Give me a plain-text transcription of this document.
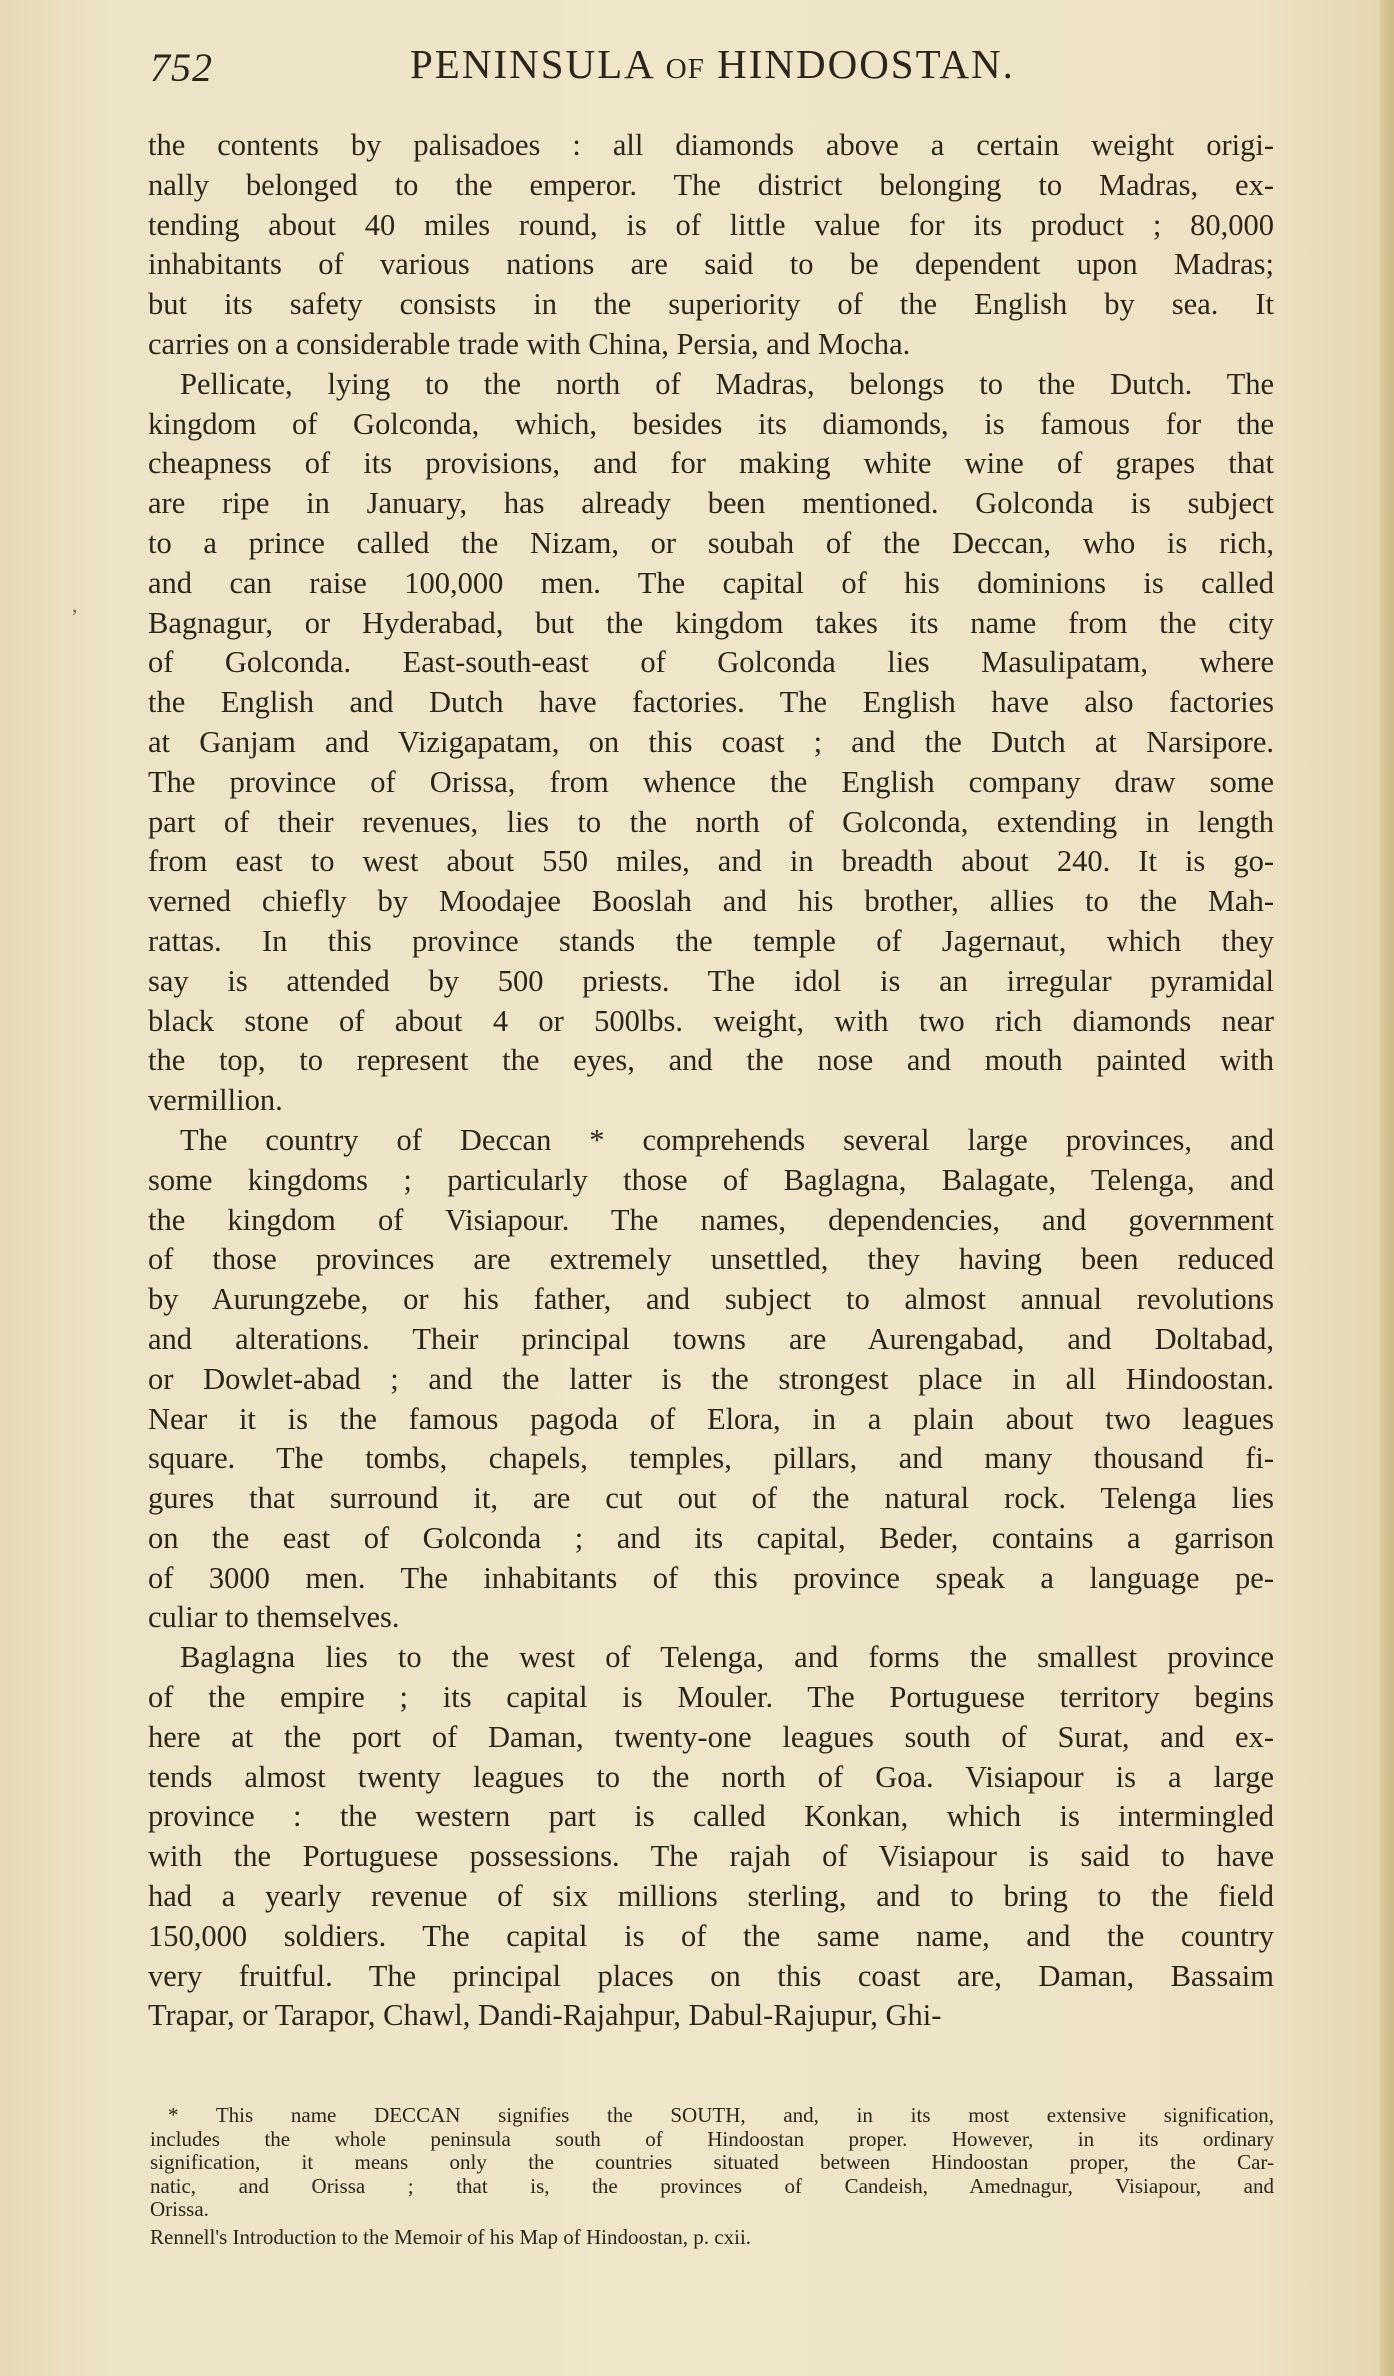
752	PENINSULA OF HINDOOSTAN.
the contents by palisadoes : all diamonds above a certain weight origi-
nally belonged to the emperor. The district belonging to Madras, ex-
tending about 40 miles round, is of little value for its product ; 80,000
inhabitants of various nations are said to be dependent upon Madras;
but its safety consists in the superiority of the English by sea. It
carries on a considerable trade with China, Persia, and Mocha.
Pellicate, lying to the north of Madras, belongs to the Dutch. The
kingdom of Golconda, which, besides its diamonds, is famous for the
cheapness of its provisions, and for making white wine of grapes that
are ripe in January, has already been mentioned. Golconda is subject
to a prince called the Nizam, or soubah of the Deccan, who is rich,
and can raise 100,000 men. The capital of his dominions is called
Bagnagur, or Hyderabad, but the kingdom takes its name from the city
of Golconda. East-south-east of Golconda lies Masulipatam, where
the English and Dutch have factories. The English have also factories
at Ganjam and Vizigapatam, on this coast ; and the Dutch at Narsipore.
The province of Orissa, from whence the English company draw some
part of their revenues, lies to the north of Golconda, extending in length
from east to west about 550 miles, and in breadth about 240. It is go-
verned chiefly by Moodajee Booslah and his brother, allies to the Mah-
rattas. In this province stands the temple of Jagernaut, which they
say is attended by 500 priests. The idol is an irregular pyramidal
black stone of about 4 or 500lbs. weight, with two rich diamonds near
the top, to represent the eyes, and the nose and mouth painted with
vermillion.
The country of Deccan * comprehends several large provinces, and
some kingdoms ; particularly those of Baglagna, Balagate, Telenga, and
the kingdom of Visiapour. The names, dependencies, and government
of those provinces are extremely unsettled, they having been reduced
by Aurungzebe, or his father, and subject to almost annual revolutions
and alterations. Their principal towns are Aurengabad, and Doltabad,
or Dowlet-abad ; and the latter is the strongest place in all Hindoostan.
Near it is the famous pagoda of Elora, in a plain about two leagues
square. The tombs, chapels, temples, pillars, and many thousand fi-
gures that surround it, are cut out of the natural rock. Telenga lies
on the east of Golconda ; and its capital, Beder, contains a garrison
of 3000 men. The inhabitants of this province speak a language pe-
culiar to themselves.
Baglagna lies to the west of Telenga, and forms the smallest province
of the empire ; its capital is Mouler. The Portuguese territory begins
here at the port of Daman, twenty-one leagues south of Surat, and ex-
tends almost twenty leagues to the north of Goa. Visiapour is a large
province : the western part is called Konkan, which is intermingled
with the Portuguese possessions. The rajah of Visiapour is said to have
had a yearly revenue of six millions sterling, and to bring to the field
150,000 soldiers. The capital is of the same name, and the country
very fruitful. The principal places on this coast are, Daman, Bassaim
Trapar, or Tarapor, Chawl, Dandi-Rajahpur, Dabul-Rajupur, Ghi-
* This name DECCAN signifies the SOUTH, and, in its most extensive signification,
includes the whole peninsula south of Hindoostan proper. However, in its ordinary
signification, it means only the countries situated between Hindoostan proper, the Car-
natic, and Orissa ; that is, the provinces of Candeish, Amednagur, Visiapour, and
Orissa.
Rennell's Introduction to the Memoir of his Map of Hindoostan, p. cxii.
,
